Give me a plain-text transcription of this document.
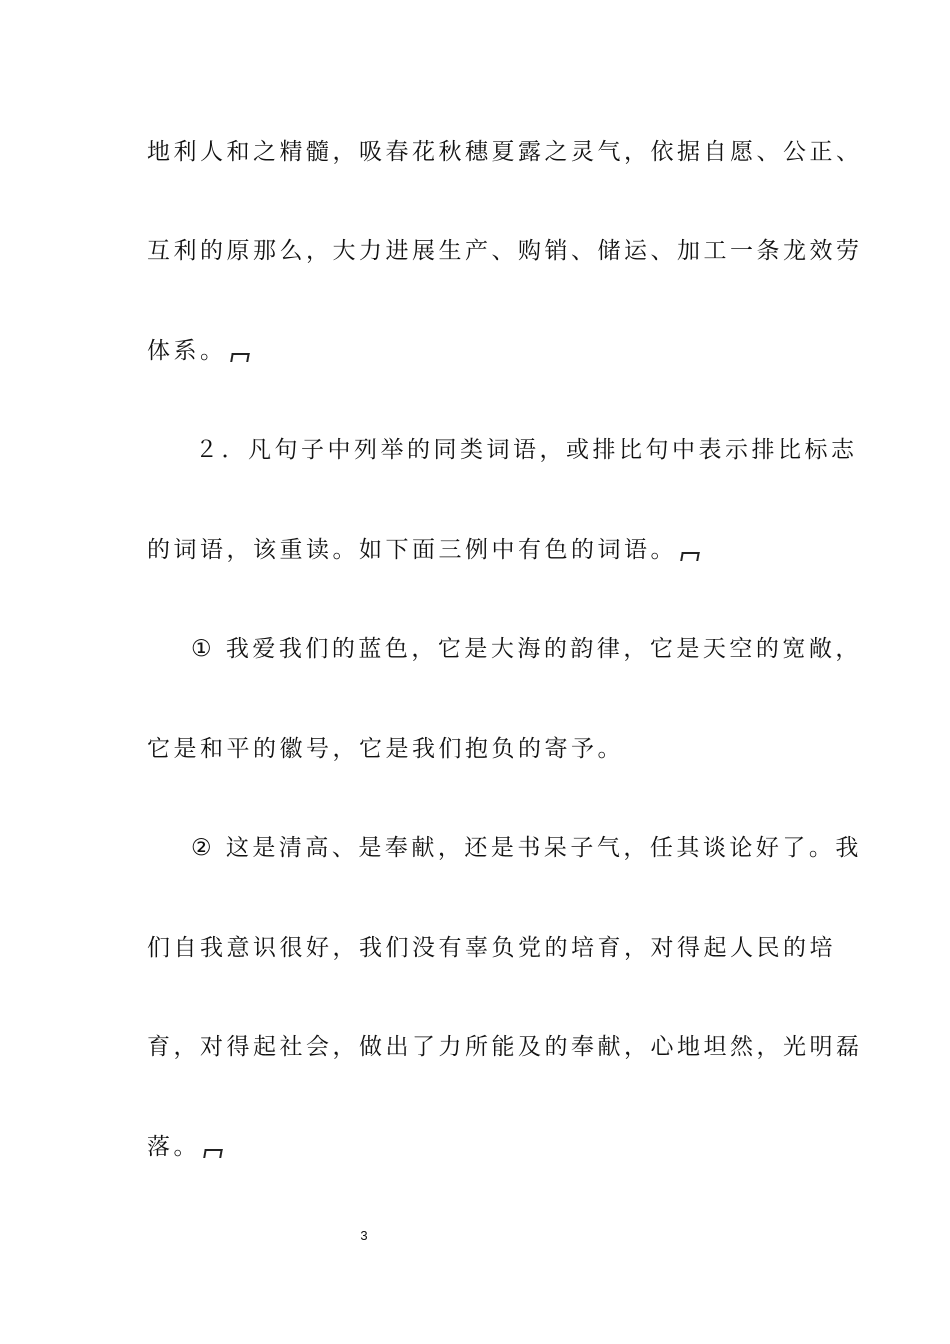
地利人和之精髓，吸春花秋穗夏露之灵气，依据自愿、公正、
互利的原那么，大力进展生产、购销、储运、加工一条龙效劳
体系。
２．凡句子中列举的同类词语，或排比句中表示排比标志
的词语，该重读。如下面三例中有色的词语。
① 我爱我们的蓝色，它是大海的韵律，它是天空的宽敞，
它是和平的徽号，它是我们抱负的寄予。
② 这是清高、是奉献，还是书呆子气，任其谈论好了。我
们自我意识很好，我们没有辜负党的培育，对得起人民的培
育，对得起社会，做出了力所能及的奉献，心地坦然，光明磊
落。
3
